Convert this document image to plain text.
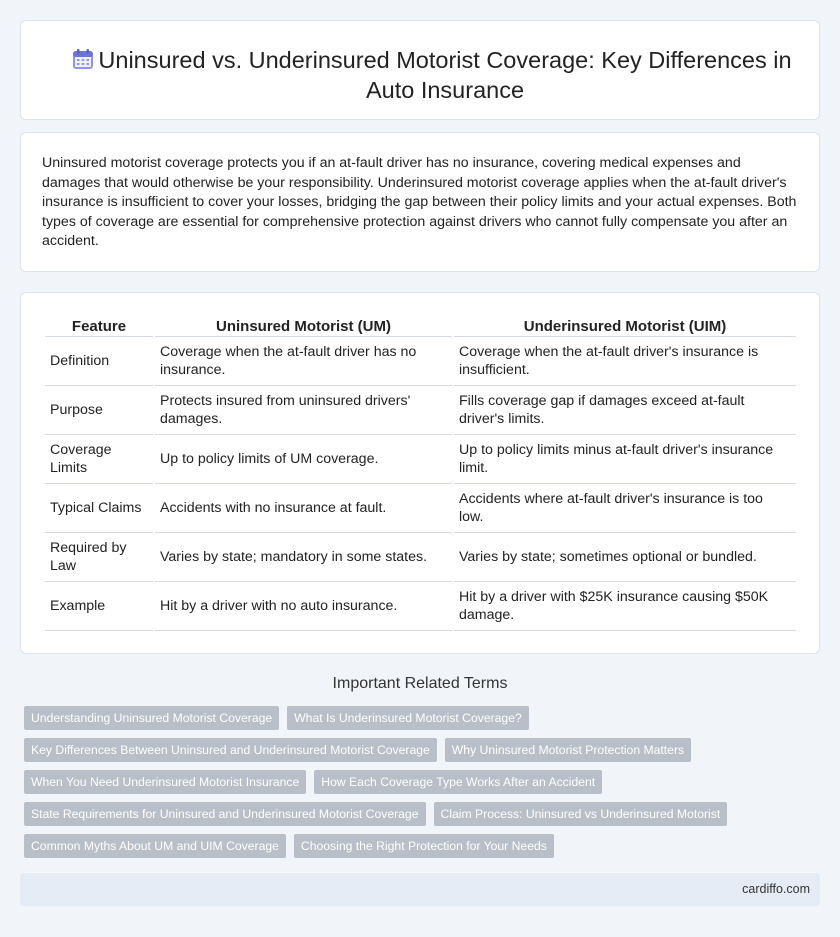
Uninsured vs. Underinsured Motorist Coverage: Key Differences in Auto Insurance

Uninsured motorist coverage protects you if an at-fault driver has no insurance, covering medical expenses and damages that would otherwise be your responsibility. Underinsured motorist coverage applies when the at-fault driver's insurance is insufficient to cover your losses, bridging the gap between their policy limits and your actual expenses. Both types of coverage are essential for comprehensive protection against drivers who cannot fully compensate you after an accident.

Feature	Uninsured Motorist (UM)	Underinsured Motorist (UIM)
Definition	Coverage when the at-fault driver has no insurance.	Coverage when the at-fault driver's insurance is insufficient.
Purpose	Protects insured from uninsured drivers' damages.	Fills coverage gap if damages exceed at-fault driver's limits.
Coverage Limits	Up to policy limits of UM coverage.	Up to policy limits minus at-fault driver's insurance limit.
Typical Claims	Accidents with no insurance at fault.	Accidents where at-fault driver's insurance is too low.
Required by Law	Varies by state; mandatory in some states.	Varies by state; sometimes optional or bundled.
Example	Hit by a driver with no auto insurance.	Hit by a driver with $25K insurance causing $50K damage.
Important Related Terms
Understanding Uninsured Motorist Coverage	What Is Underinsured Motorist Coverage?
Key Differences Between Uninsured and Underinsured Motorist Coverage	Why Uninsured Motorist Protection Matters
When You Need Underinsured Motorist Insurance	How Each Coverage Type Works After an Accident
State Requirements for Uninsured and Underinsured Motorist Coverage	Claim Process: Uninsured vs Underinsured Motorist
Common Myths About UM and UIM Coverage	Choosing the Right Protection for Your Needs
cardiffo.com
